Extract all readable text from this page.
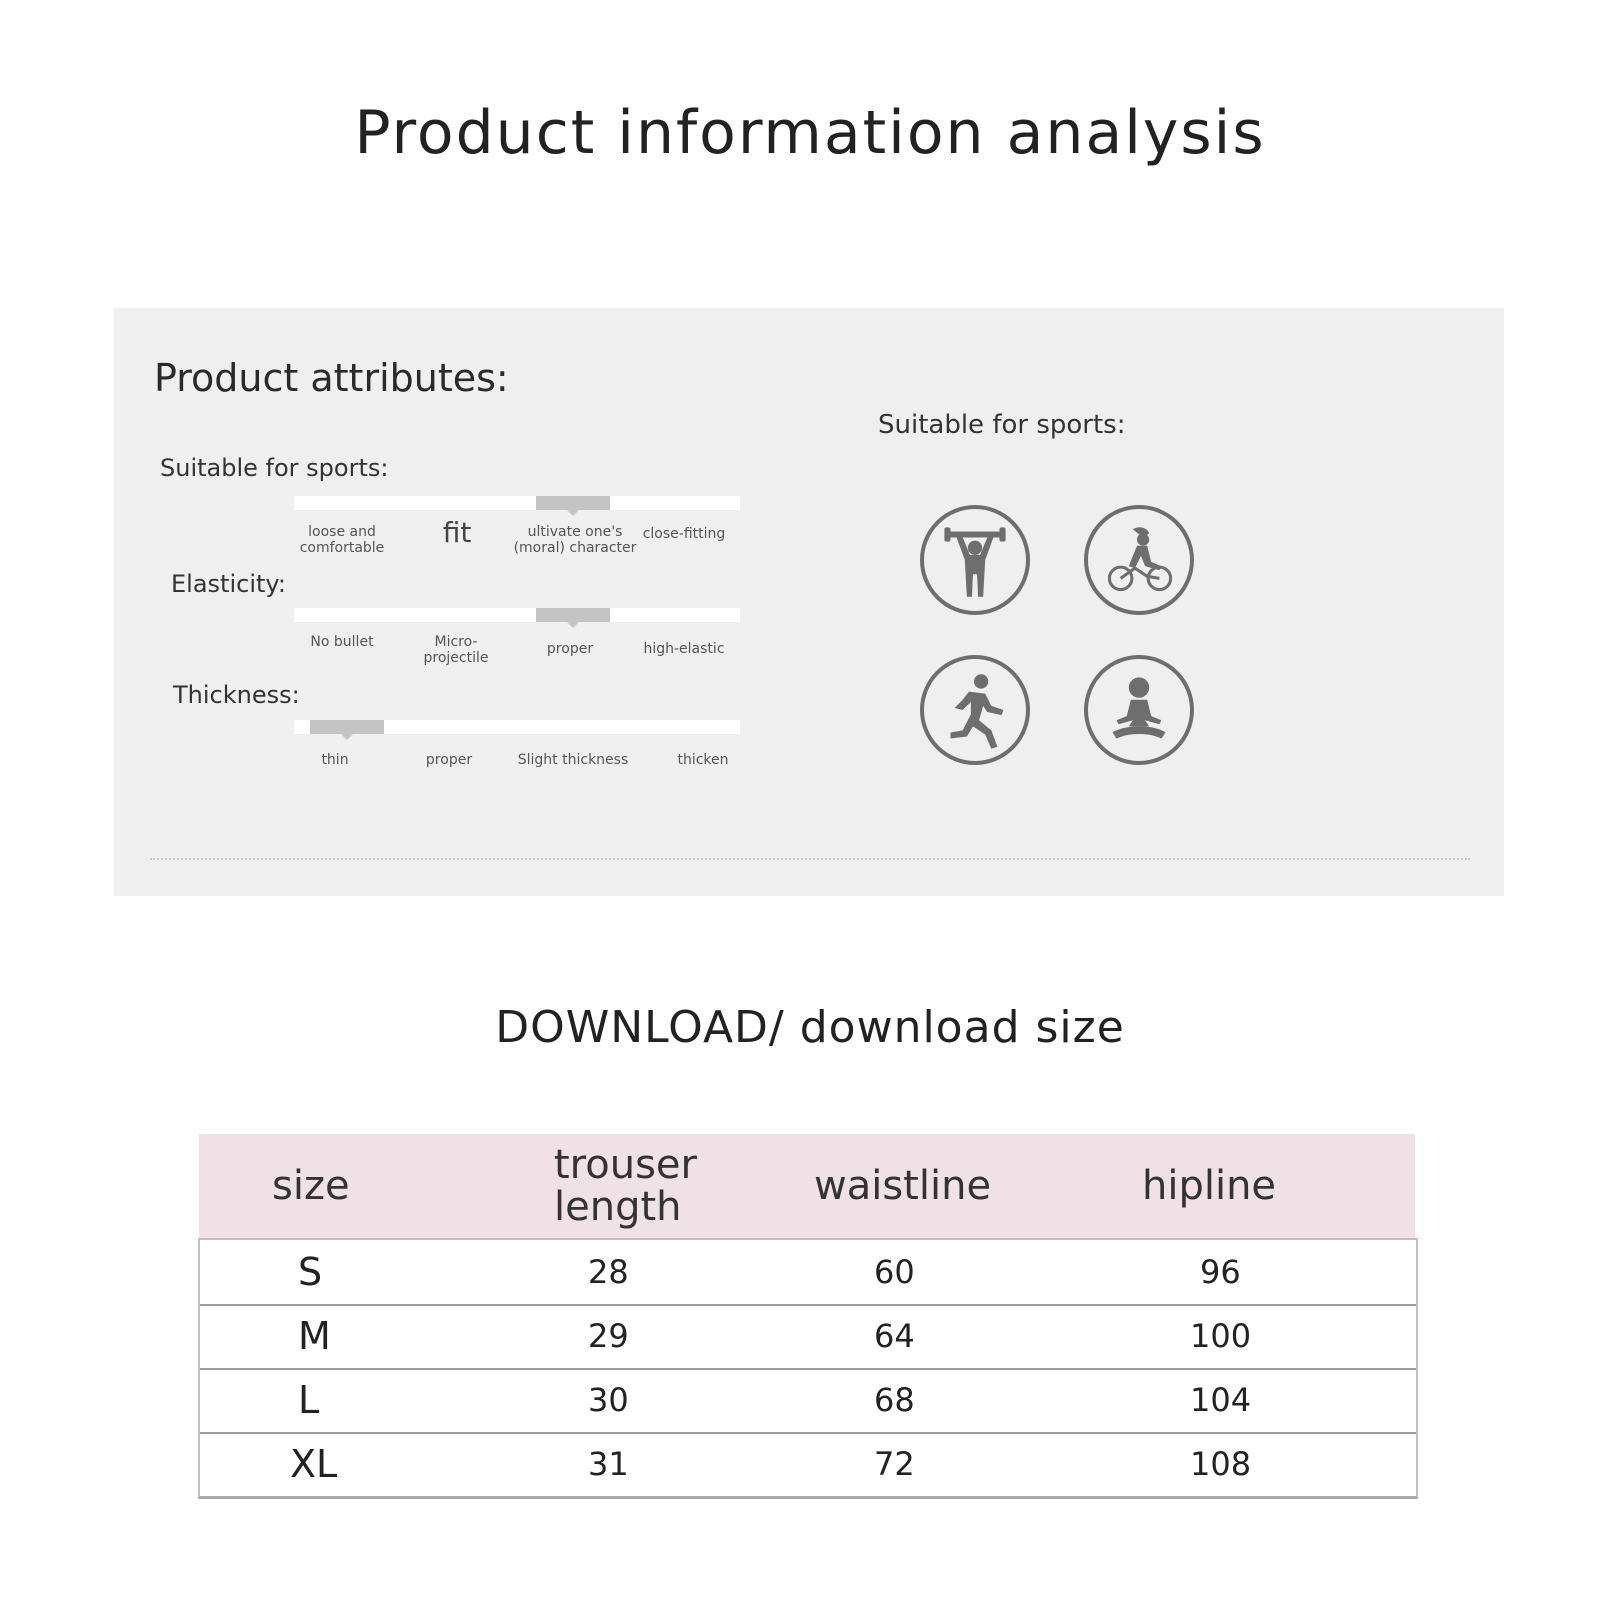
Product information analysis
Product attributes:
Suitable for sports:
loose and comfortable	fit	ultivate one's (moral) character
close-fitting
Elasticity:
No bullet	Micro-projectile
proper	high-elastic
Thickness:
thin	proper	Slight thickness	thicken
Suitable for sports:
DOWNLOAD/ download size
size	trouser length	waistline	hipline
S	28	60	96
M	29	64	100
L	30	68	104
XL	31	72	108
